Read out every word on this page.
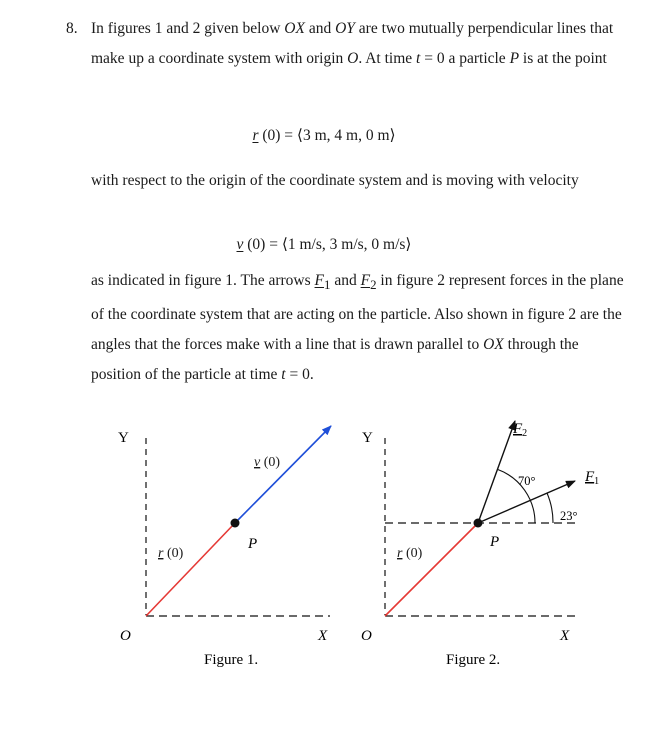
8. In figures 1 and 2 given below OX and OY are two mutually perpendicular lines that make up a coordinate system with origin O. At time t = 0 a particle P is at the point

r (0) = ⟨3 m, 4 m, 0 m⟩

with respect to the origin of the coordinate system and is moving with velocity

v (0) = ⟨1 m/s, 3 m/s, 0 m/s⟩

as indicated in figure 1. The arrows $F_1$ and $F_2$ in figure 2 represent forces in the plane of the coordinate system that are acting on the particle. Also shown in figure 2 are the angles that the forces make with a line that is drawn parallel to OX through the position of the particle at time t = 0.

Y
O	X
P
v (0)
r (0)
Figure 1.
Y
O	X
P
r (0)
$F_2$
$F_1$
70°
23°
Figure 2.
